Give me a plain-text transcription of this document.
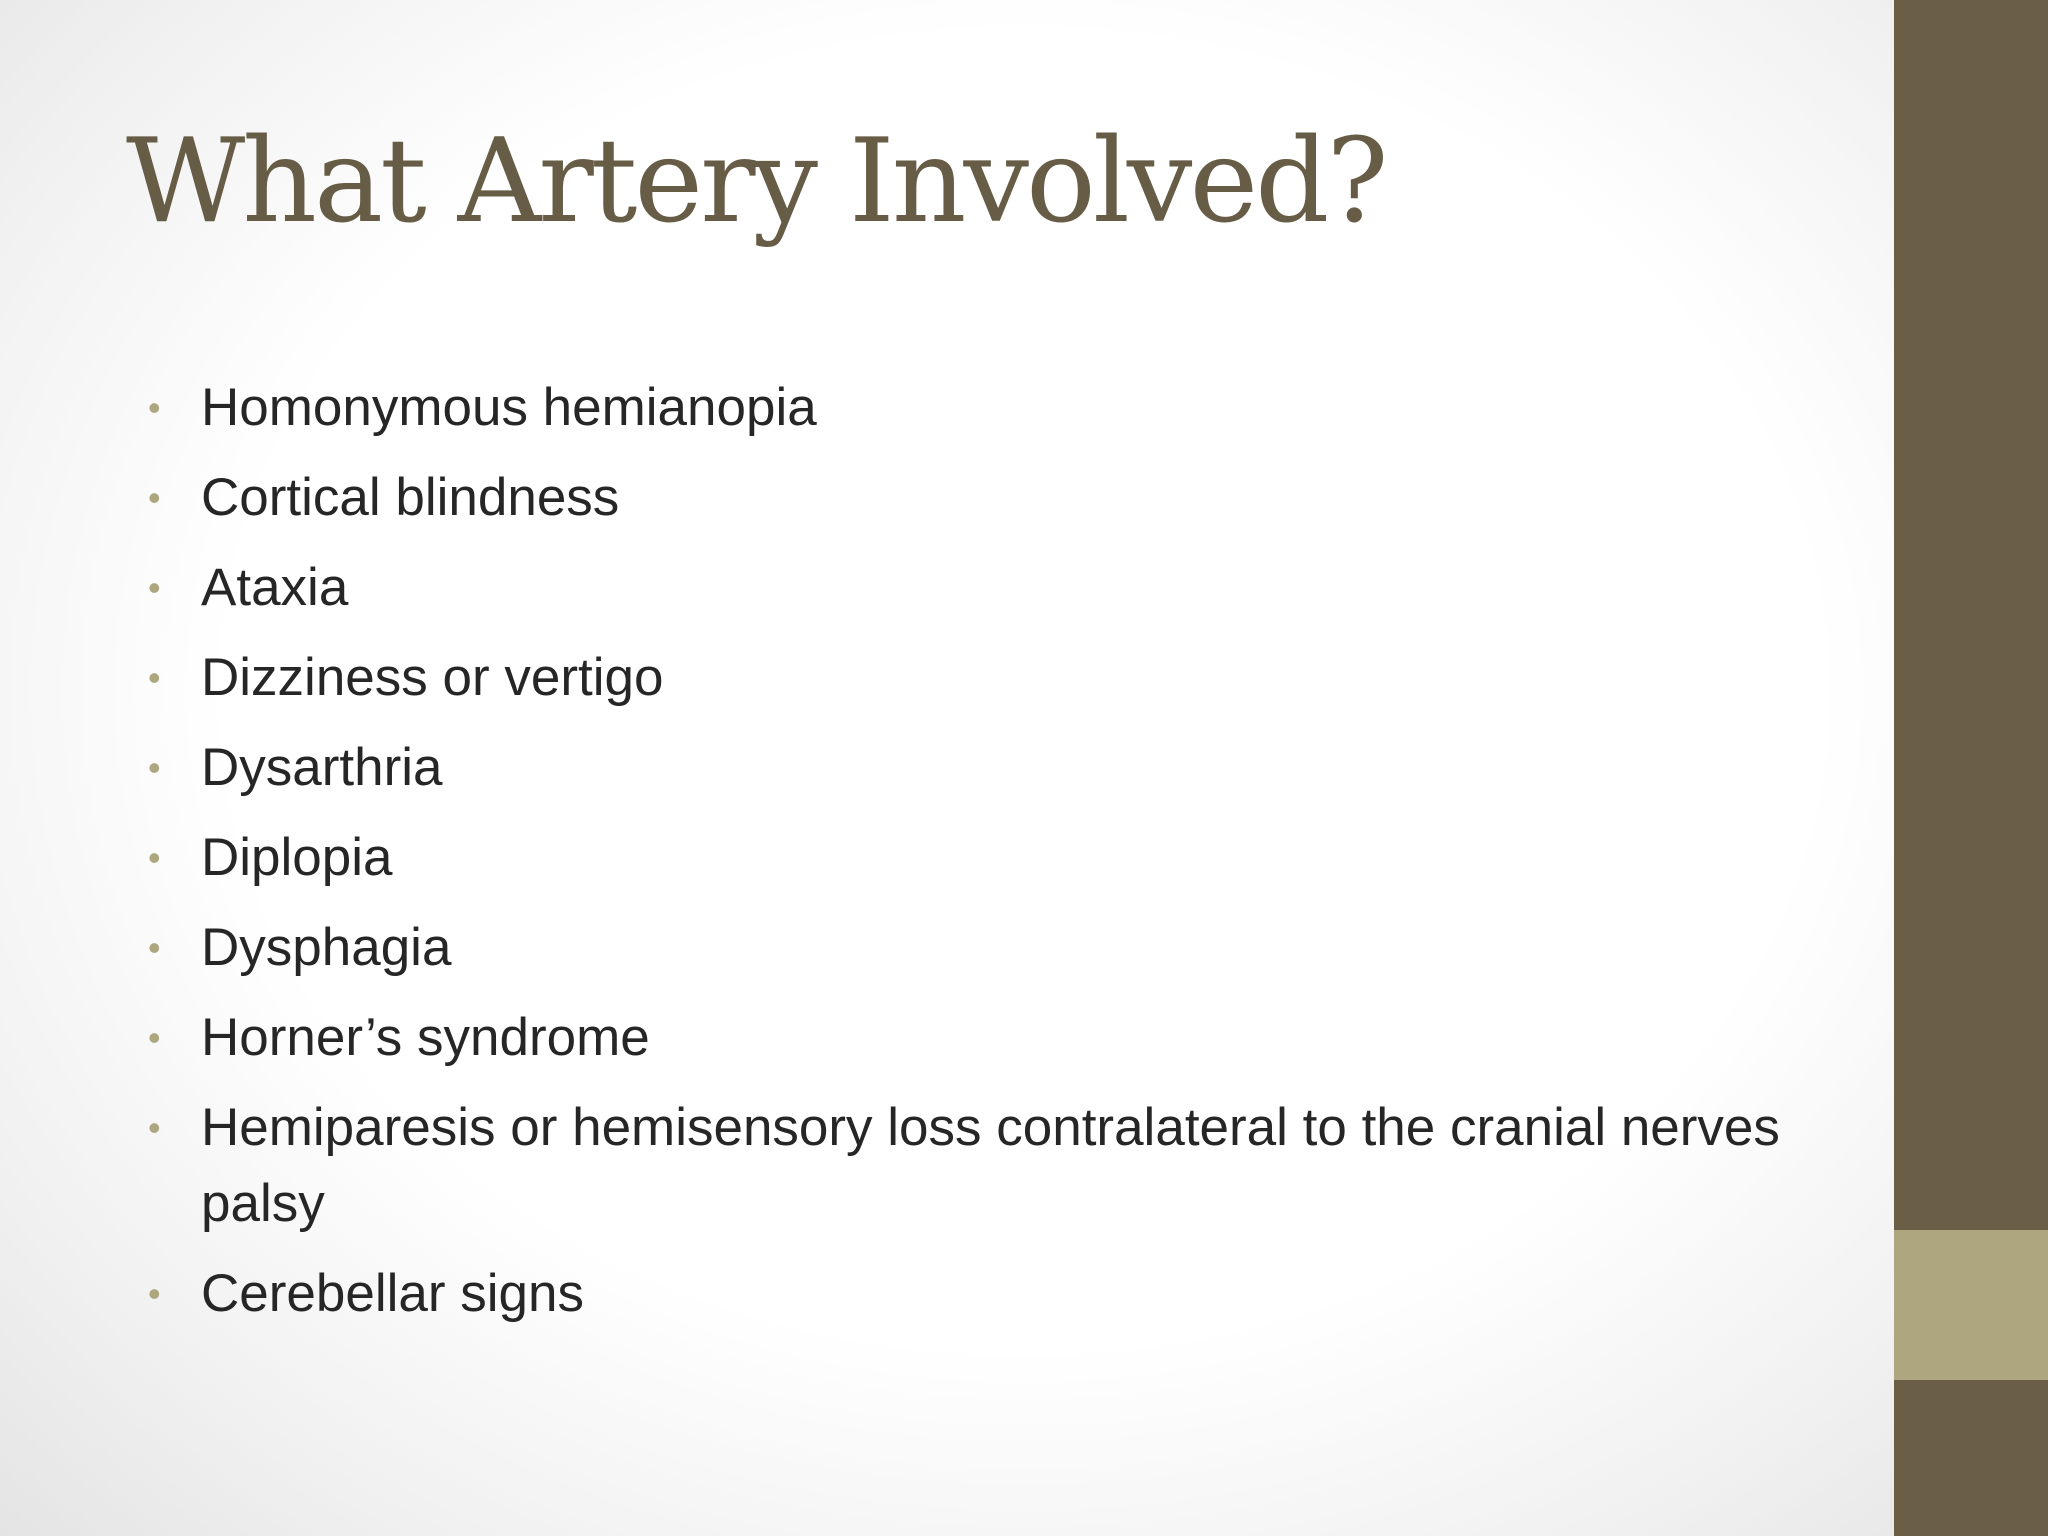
What Artery Involved?
• Homonymous hemianopia
• Cortical blindness
• Ataxia
• Dizziness or vertigo
• Dysarthria
• Diplopia
• Dysphagia
• Horner’s syndrome
• Hemiparesis or hemisensory loss contralateral to the cranial nerves palsy
• Cerebellar signs
